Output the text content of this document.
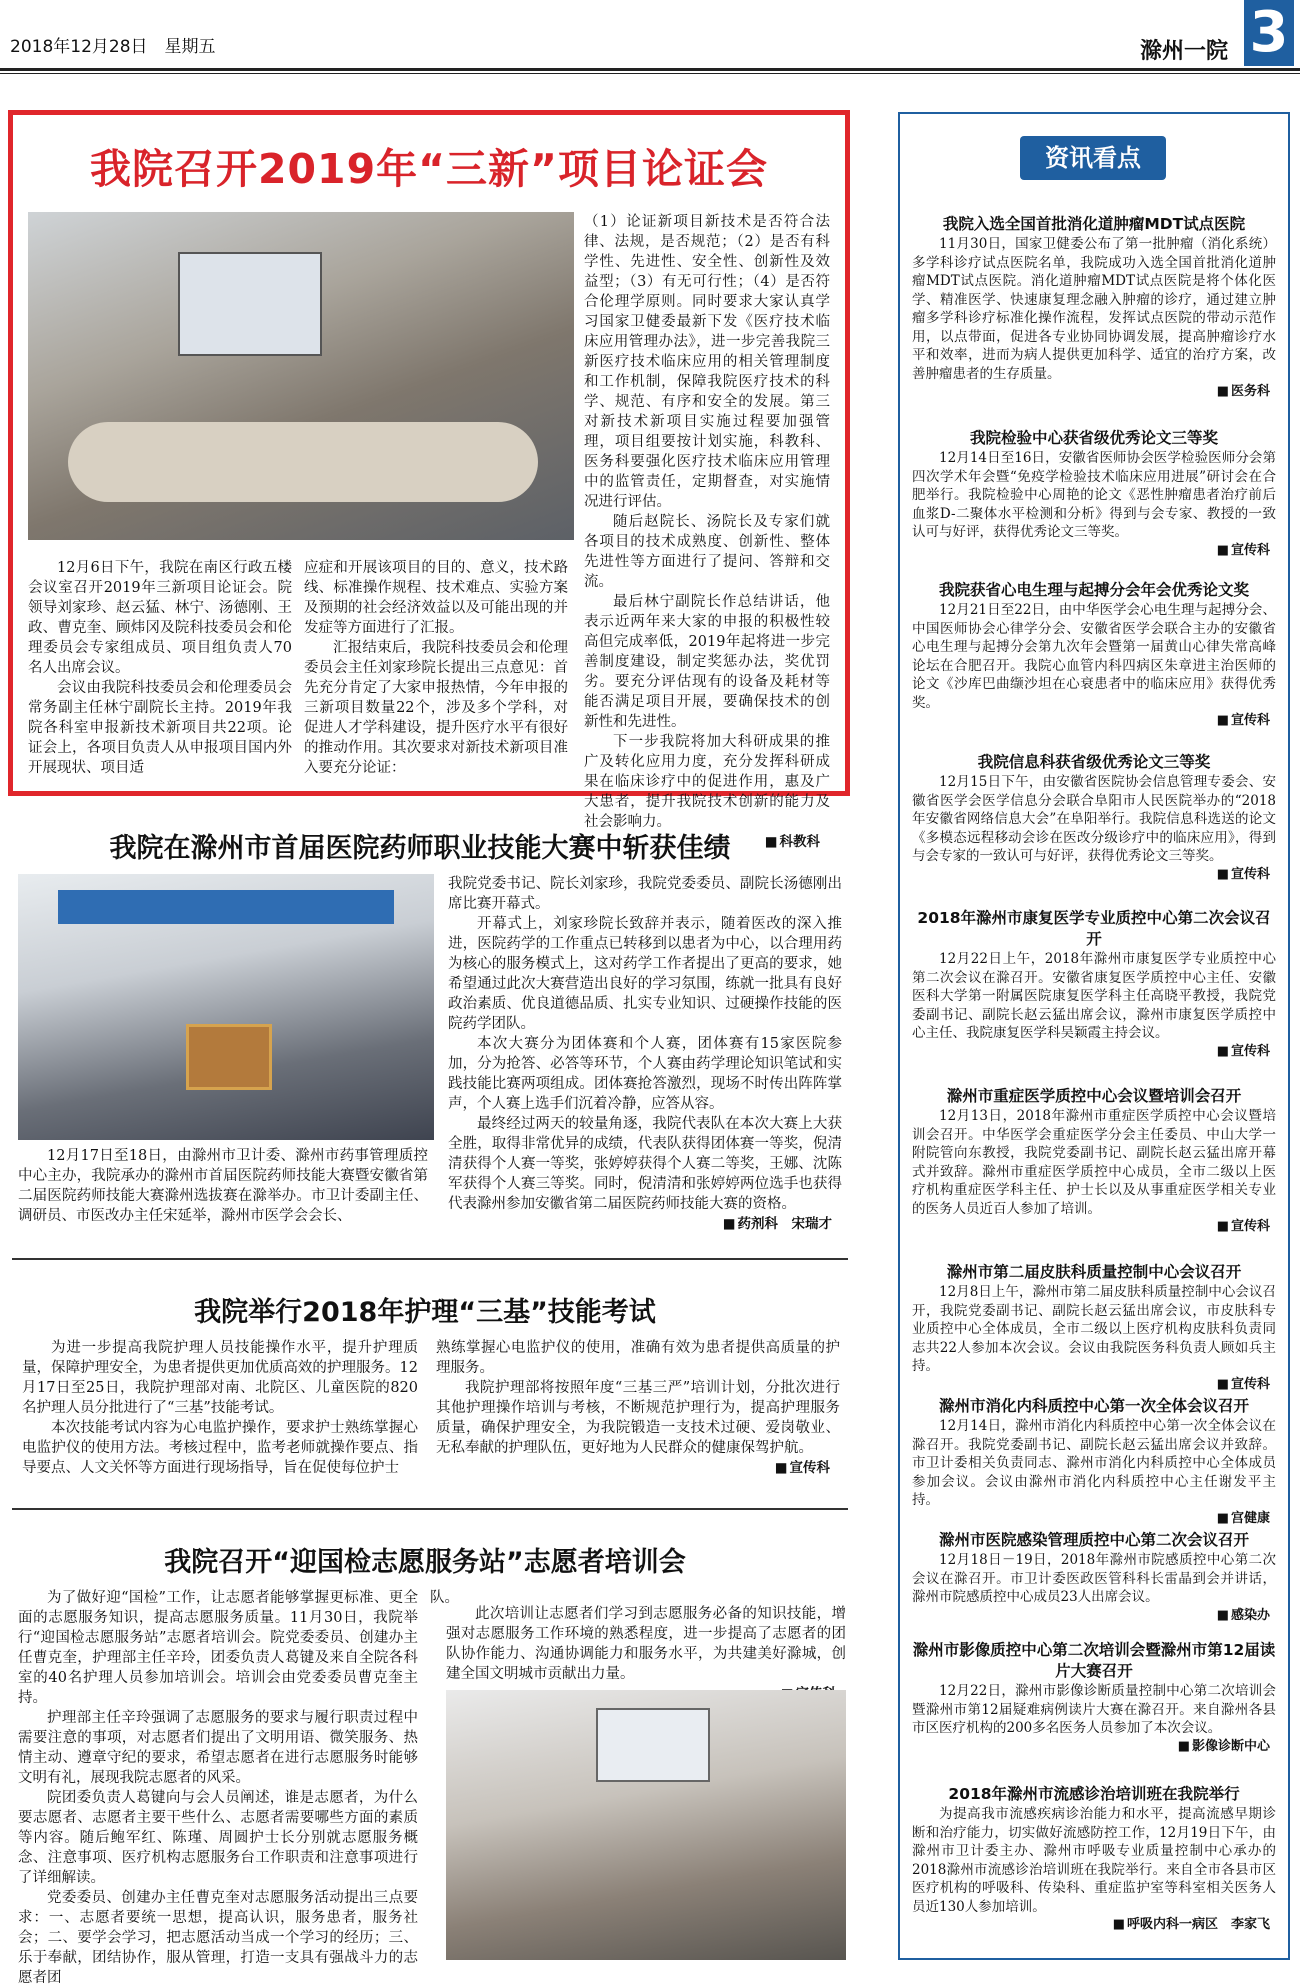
2018年12月28日　星期五	滁州一院 3
我院召开2019年“三新”项目论证会

12月6日下午，我院在南区行政五楼会议室召开2019年三新项目论证会。院领导刘家珍、赵云猛、林宁、汤德刚、王政、曹克奎、顾炜冈及院科技委员会和伦理委员会专家组成员、项目组负责人70名人出席会议。

会议由我院科技委员会和伦理委员会常务副主任林宁副院长主持。2019年我院各科室申报新技术新项目共22项。论证会上，各项目负责人从申报项目国内外开展现状、项目适

应症和开展该项目的目的、意义，技术路线、标准操作规程、技术难点、实验方案及预期的社会经济效益以及可能出现的并发症等方面进行了汇报。

汇报结束后，我院科技委员会和伦理委员会主任刘家珍院长提出三点意见：首先充分肯定了大家申报热情，今年申报的三新项目数量22个，涉及多个学科，对促进人才学科建设，提升医疗水平有很好的推动作用。其次要求对新技术新项目准入要充分论证：

（1）论证新项目新技术是否符合法律、法规，是否规范；（2）是否有科学性、先进性、安全性、创新性及效益型；（3）有无可行性；（4）是否符合伦理学原则。同时要求大家认真学习国家卫健委最新下发《医疗技术临床应用管理办法》，进一步完善我院三新医疗技术临床应用的相关管理制度和工作机制，保障我院医疗技术的科学、规范、有序和安全的发展。第三对新技术新项目实施过程要加强管理，项目组要按计划实施，科教科、医务科要强化医疗技术临床应用管理中的监管责任，定期督查，对实施情况进行评估。

随后赵院长、汤院长及专家们就各项目的技术成熟度、创新性、整体先进性等方面进行了提问、答辩和交流。

最后林宁副院长作总结讲话，他表示近两年来大家的申报的积极性较高但完成率低，2019年起将进一步完善制度建设，制定奖惩办法，奖优罚劣。要充分评估现有的设备及耗材等能否满足项目开展，要确保技术的创新性和先进性。

下一步我院将加大科研成果的推广及转化应用力度，充分发挥科研成果在临床诊疗中的促进作用，惠及广大患者，提升我院技术创新的能力及社会影响力。

■ 科教科
我院在滁州市首届医院药师职业技能大赛中斩获佳绩

我院党委书记、院长刘家珍，我院党委委员、副院长汤德刚出席比赛开幕式。

开幕式上，刘家珍院长致辞并表示，随着医改的深入推进，医院药学的工作重点已转移到以患者为中心，以合理用药为核心的服务模式上，这对药学工作者提出了更高的要求，她希望通过此次大赛营造出良好的学习氛围，练就一批具有良好政治素质、优良道德品质、扎实专业知识、过硬操作技能的医院药学团队。

本次大赛分为团体赛和个人赛，团体赛有15家医院参加，分为抢答、必答等环节，个人赛由药学理论知识笔试和实践技能比赛两项组成。团体赛抢答激烈，现场不时传出阵阵掌声，个人赛上选手们沉着冷静，应答从容。

最终经过两天的较量角逐，我院代表队在本次大赛上大获全胜，取得非常优异的成绩，代表队获得团体赛一等奖，倪清清获得个人赛一等奖，张婷婷获得个人赛二等奖，王娜、沈陈军获得个人赛三等奖。同时，倪清清和张婷婷两位选手也获得代表滁州参加安徽省第二届医院药师技能大赛的资格。

■ 药剂科　宋瑞才

12月17日至18日，由滁州市卫计委、滁州市药事管理质控中心主办，我院承办的滁州市首届医院药师技能大赛暨安徽省第二届医院药师技能大赛滁州选拔赛在滁举办。市卫计委副主任、调研员、市医改办主任宋延举，滁州市医学会会长、

我院举行2018年护理“三基”技能考试

为进一步提高我院护理人员技能操作水平，提升护理质量，保障护理安全，为患者提供更加优质高效的护理服务。12月17日至25日，我院护理部对南、北院区、儿童医院的820名护理人员分批进行了“三基”技能考试。

本次技能考试内容为心电监护操作，要求护士熟练掌握心电监护仪的使用方法。考核过程中，监考老师就操作要点、指导要点、人文关怀等方面进行现场指导，旨在促使每位护士

熟练掌握心电监护仪的使用，准确有效为患者提供高质量的护理服务。

我院护理部将按照年度“三基三严”培训计划，分批次进行其他护理操作培训与考核，不断规范护理行为，提高护理服务质量，确保护理安全，为我院锻造一支技术过硬、爱岗敬业、无私奉献的护理队伍，更好地为人民群众的健康保驾护航。

■ 宣传科
我院召开“迎国检志愿服务站”志愿者培训会

为了做好迎“国检”工作，让志愿者能够掌握更标准、更全面的志愿服务知识，提高志愿服务质量。11月30日，我院举行“迎国检志愿服务站”志愿者培训会。院党委委员、创建办主任曹克奎，护理部主任辛玲，团委负责人葛键及来自全院各科室的40名护理人员参加培训会。培训会由党委委员曹克奎主持。

护理部主任辛玲强调了志愿服务的要求与履行职责过程中需要注意的事项，对志愿者们提出了文明用语、微笑服务、热情主动、遵章守纪的要求，希望志愿者在进行志愿服务时能够文明有礼，展现我院志愿者的风采。

院团委负责人葛键向与会人员阐述，谁是志愿者，为什么要志愿者、志愿者主要干些什么、志愿者需要哪些方面的素质等内容。随后鲍军红、陈瑾、周圆护士长分别就志愿服务概念、注意事项、医疗机构志愿服务台工作职责和注意事项进行了详细解读。

党委委员、创建办主任曹克奎对志愿服务活动提出三点要求：一、志愿者要统一思想，提高认识，服务患者，服务社会；二、要学会学习，把志愿活动当成一个学习的经历；三、乐于奉献，团结协作，服从管理，打造一支具有强战斗力的志愿者团

队。

此次培训让志愿者们学习到志愿服务必备的知识技能，增强对志愿服务工作环境的熟悉程度，进一步提高了志愿者的团队协作能力、沟通协调能力和服务水平，为共建美好滁城，创建全国文明城市贡献出力量。

■
资讯看点
我院入选全国首批消化道肿瘤MDT试点医院

11月30日，国家卫健委公布了第一批肿瘤（消化系统）多学科诊疗试点医院名单，我院成功入选全国首批消化道肿瘤MDT试点医院。消化道肿瘤MDT试点医院是将个体化医学、精准医学、快速康复理念融入肿瘤的诊疗，通过建立肿瘤多学科诊疗标准化操作流程，发挥试点医院的带动示范作用，以点带面，促进各专业协同协调发展，提高肿瘤诊疗水平和效率，进而为病人提供更加科学、适宜的治疗方案，改善肿瘤患者的生存质量。

■ 医务科
我院检验中心获省级优秀论文三等奖

12月14日至16日，安徽省医师协会医学检验医师分会第四次学术年会暨“免疫学检验技术临床应用进展”研讨会在合肥举行。我院检验中心周艳的论文《恶性肿瘤患者治疗前后血浆D-二聚体水平检测和分析》得到与会专家、教授的一致认可与好评，获得优秀论文三等奖。

■ 宣传科
我院获省心电生理与起搏分会年会优秀论文奖

12月21日至22日，由中华医学会心电生理与起搏分会、中国医师协会心律学分会、安徽省医学会联合主办的安徽省心电生理与起搏分会第九次年会暨第一届黄山心律失常高峰论坛在合肥召开。我院心血管内科四病区朱章进主治医师的论文《沙库巴曲缬沙坦在心衰患者中的临床应用》获得优秀奖。

■ 宣传科
我院信息科获省级优秀论文三等奖

12月15日下午，由安徽省医院协会信息管理专委会、安徽省医学会医学信息分会联合阜阳市人民医院举办的“2018年安徽省网络信息大会”在阜阳举行。我院信息科选送的论文《多模态远程移动会诊在医改分级诊疗中的临床应用》，得到与会专家的一致认可与好评，获得优秀论文三等奖。

■ 宣传科
2018年滁州市康复医学专业质控中心第二次会议召开

12月22日上午，2018年滁州市康复医学专业质控中心第二次会议在滁召开。安徽省康复医学质控中心主任、安徽医科大学第一附属医院康复医学科主任高晓平教授，我院党委副书记、副院长赵云猛出席会议，滁州市康复医学质控中心主任、我院康复医学科吴颖霞主持会议。

■ 宣传科
滁州市重症医学质控中心会议暨培训会召开

12月13日，2018年滁州市重症医学质控中心会议暨培训会召开。中华医学会重症医学分会主任委员、中山大学一附院管向东教授，我院党委副书记、副院长赵云猛出席开幕式并致辞。滁州市重症医学质控中心成员，全市二级以上医疗机构重症医学科主任、护士长以及从事重症医学相关专业的医务人员近百人参加了培训。

■ 宣传科
滁州市第二届皮肤科质量控制中心会议召开

12月8日上午，滁州市第二届皮肤科质量控制中心会议召开，我院党委副书记、副院长赵云猛出席会议，市皮肤科专业质控中心全体成员，全市二级以上医疗机构皮肤科负责同志共22人参加本次会议。会议由我院医务科负责人顾如兵主持。

■ 宣传科
滁州市消化内科质控中心第一次全体会议召开

12月14日，滁州市消化内科质控中心第一次全体会议在滁召开。我院党委副书记、副院长赵云猛出席会议并致辞。市卫计委相关负责同志、滁州市消化内科质控中心全体成员参加会议。会议由滁州市消化内科质控中心主任谢发平主持。

■ 宫健康
滁州市医院感染管理质控中心第二次会议召开

12月18日－19日，2018年滁州市院感质控中心第二次会议在滁召开。市卫计委医政医管科科长雷晶到会并讲话，滁州市院感质控中心成员23人出席会议。

■ 感染办
滁州市影像质控中心第二次培训会暨滁州市第12届读片大赛召开

12月22日，滁州市影像诊断质量控制中心第二次培训会暨滁州市第12届疑难病例读片大赛在滁召开。来自滁州各县市区医疗机构的200多名医务人员参加了本次会议。

■ 影像诊断中心
2018年滁州市流感诊治培训班在我院举行

为提高我市流感疾病诊治能力和水平，提高流感早期诊断和治疗能力，切实做好流感防控工作，12月19日下午，由滁州市卫计委主办、滁州市呼吸专业质量控制中心承办的2018滁州市流感诊治培训班在我院举行。来自全市各县市区医疗机构的呼吸科、传染科、重症监护室等科室相关医务人员近130人参加培训。

■ 呼吸内科一病区　李家飞
